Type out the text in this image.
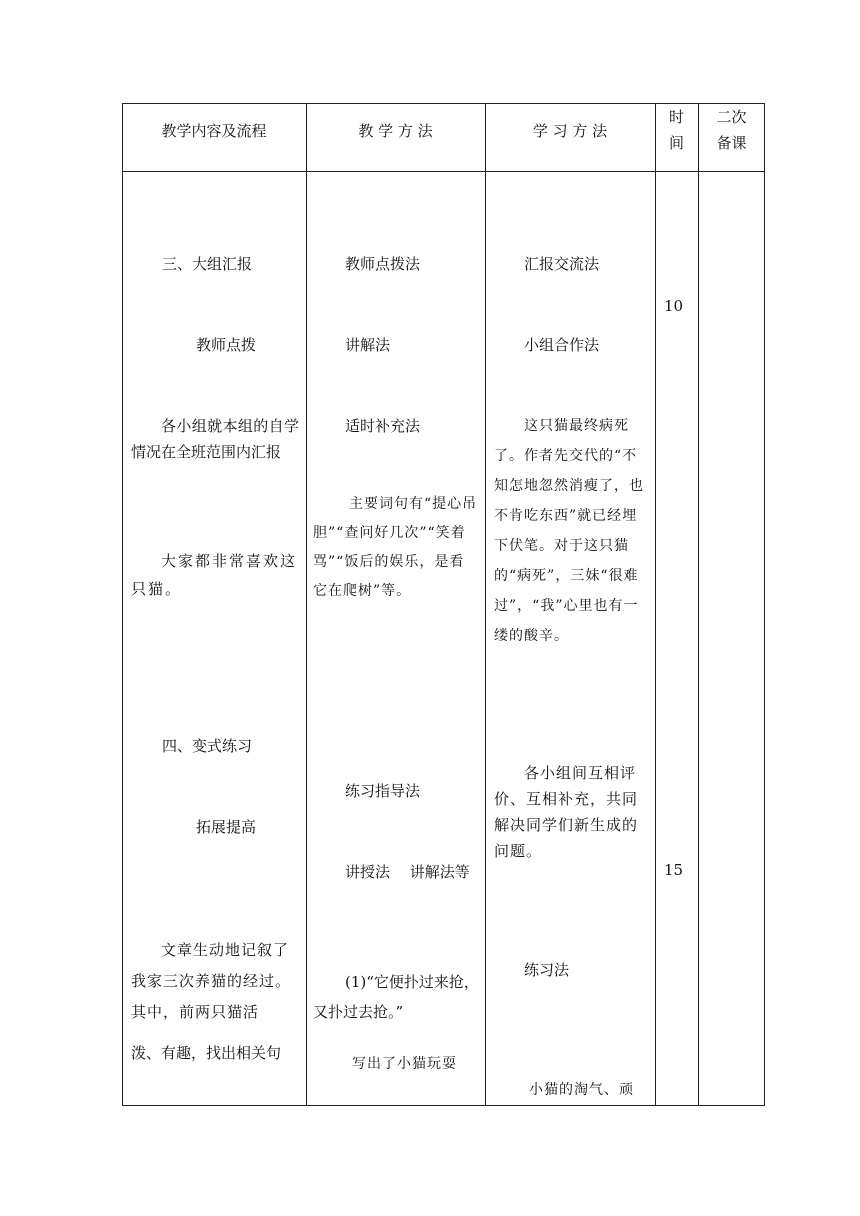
教学内容及流程	教 学 方 法	学 习 方 法
时
间
二次
备课
三、大组汇报
教师点拨
各小组就本组的自学情况在全班范围内汇报
大家都非常喜欢这只猫。
四、变式练习
拓展提高
文章生动地记叙了我家三次养猫的经过。其中，前两只猫活
泼、有趣，找出相关句
教师点拨法
讲解法
适时补充法
主要词句有“提心吊胆”“查问好几次”“笑着骂”“饭后的娱乐，是看它在爬树”等。
练习指导法
讲授法　 讲解法等
(1)“它便扑过来抢，又扑过去抢。”
写出了小猫玩耍
汇报交流法
小组合作法
这只猫最终病死了。作者先交代的“不知怎地忽然消瘦了，也不肯吃东西”就已经埋下伏笔。对于这只猫的“病死”，三妹“很难过”，“我”心里也有一缕的酸辛。
各小组间互相评价、互相补充，共同解决同学们新生成的问题。
练习法
小猫的淘气、顽
10
15
